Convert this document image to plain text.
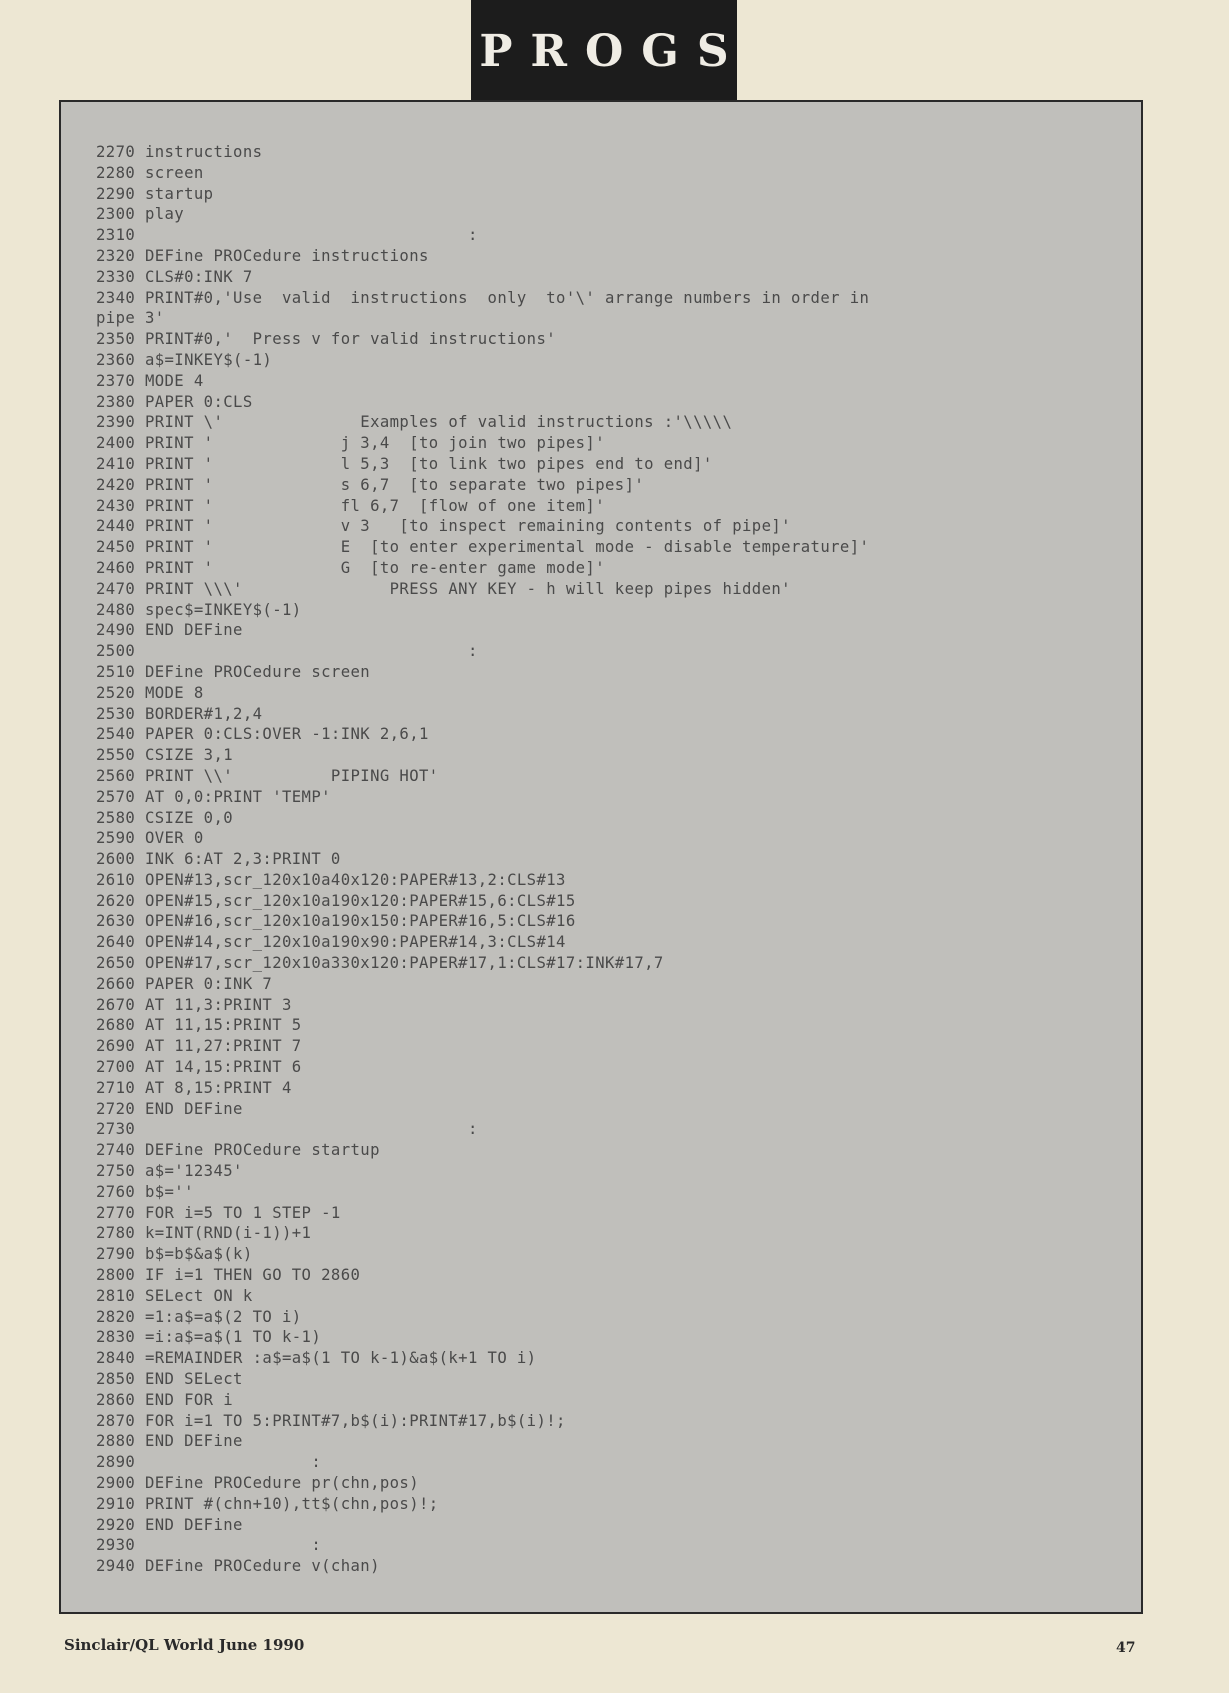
PROGS
2270 instructions
2280 screen
2290 startup
2300 play
2310                                  :
2320 DEFine PROCedure instructions
2330 CLS#0:INK 7
2340 PRINT#0,'Use  valid  instructions  only  to'\' arrange numbers in order in
pipe 3'
2350 PRINT#0,'  Press v for valid instructions'
2360 a$=INKEY$(-1)
2370 MODE 4
2380 PAPER 0:CLS
2390 PRINT \'              Examples of valid instructions :'\\\\\
2400 PRINT '             j 3,4  [to join two pipes]'
2410 PRINT '             l 5,3  [to link two pipes end to end]'
2420 PRINT '             s 6,7  [to separate two pipes]'
2430 PRINT '             fl 6,7  [flow of one item]'
2440 PRINT '             v 3   [to inspect remaining contents of pipe]'
2450 PRINT '             E  [to enter experimental mode - disable temperature]'
2460 PRINT '             G  [to re-enter game mode]'
2470 PRINT \\\'               PRESS ANY KEY - h will keep pipes hidden'
2480 spec$=INKEY$(-1)
2490 END DEFine
2500                                  :
2510 DEFine PROCedure screen
2520 MODE 8
2530 BORDER#1,2,4
2540 PAPER 0:CLS:OVER -1:INK 2,6,1
2550 CSIZE 3,1
2560 PRINT \\'          PIPING HOT'
2570 AT 0,0:PRINT 'TEMP'
2580 CSIZE 0,0
2590 OVER 0
2600 INK 6:AT 2,3:PRINT 0
2610 OPEN#13,scr_120x10a40x120:PAPER#13,2:CLS#13
2620 OPEN#15,scr_120x10a190x120:PAPER#15,6:CLS#15
2630 OPEN#16,scr_120x10a190x150:PAPER#16,5:CLS#16
2640 OPEN#14,scr_120x10a190x90:PAPER#14,3:CLS#14
2650 OPEN#17,scr_120x10a330x120:PAPER#17,1:CLS#17:INK#17,7
2660 PAPER 0:INK 7
2670 AT 11,3:PRINT 3
2680 AT 11,15:PRINT 5
2690 AT 11,27:PRINT 7
2700 AT 14,15:PRINT 6
2710 AT 8,15:PRINT 4
2720 END DEFine
2730                                  :
2740 DEFine PROCedure startup
2750 a$='12345'
2760 b$=''
2770 FOR i=5 TO 1 STEP -1
2780 k=INT(RND(i-1))+1
2790 b$=b$&a$(k)
2800 IF i=1 THEN GO TO 2860
2810 SELect ON k
2820 =1:a$=a$(2 TO i)
2830 =i:a$=a$(1 TO k-1)
2840 =REMAINDER :a$=a$(1 TO k-1)&a$(k+1 TO i)
2850 END SELect
2860 END FOR i
2870 FOR i=1 TO 5:PRINT#7,b$(i):PRINT#17,b$(i)!;
2880 END DEFine
2890                  :
2900 DEFine PROCedure pr(chn,pos)
2910 PRINT #(chn+10),tt$(chn,pos)!;
2920 END DEFine
2930                  :
2940 DEFine PROCedure v(chan)
Sinclair/QL World June 1990	47
